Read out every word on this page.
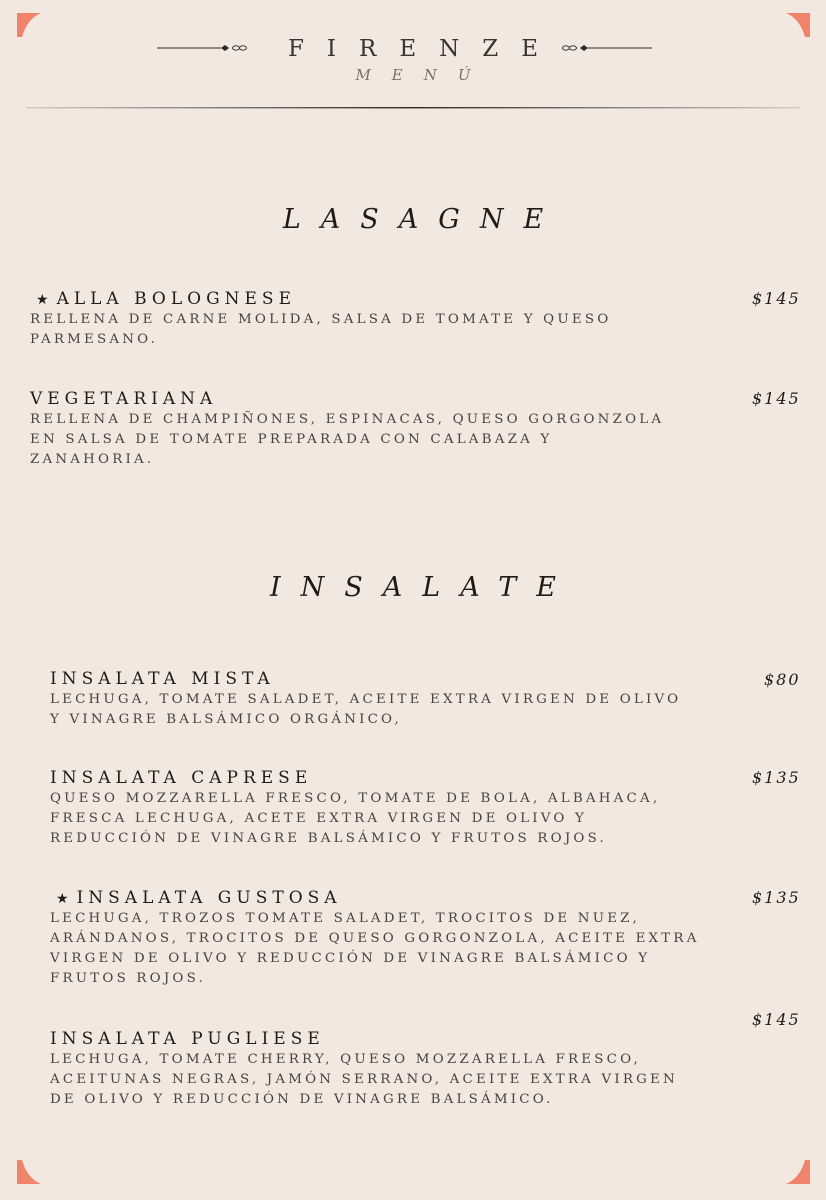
FIRENZE
MENÚ
LASAGNE
★ ALLA BOLOGNESE
RELLENA DE CARNE MOLIDA, SALSA DE TOMATE Y QUESO
PARMESANO.
$145
VEGETARIANA
RELLENA DE CHAMPIÑONES, ESPINACAS, QUESO GORGONZOLA
EN SALSA DE TOMATE PREPARADA CON CALABAZA Y
ZANAHORIA.
$145
INSALATE
INSALATA MISTA
LECHUGA, TOMATE SALADET, ACEITE EXTRA VIRGEN DE OLIVO
Y VINAGRE BALSÁMICO ORGÁNICO,
$80
INSALATA CAPRESE
QUESO MOZZARELLA FRESCO, TOMATE DE BOLA, ALBAHACA,
FRESCA LECHUGA, ACETE EXTRA VIRGEN DE OLIVO Y
REDUCCIÓN DE VINAGRE BALSÁMICO Y FRUTOS ROJOS.
$135
★ INSALATA GUSTOSA
LECHUGA, TROZOS TOMATE SALADET, TROCITOS DE NUEZ,
ARÁNDANOS, TROCITOS DE QUESO GORGONZOLA, ACEITE EXTRA
VIRGEN DE OLIVO Y REDUCCIÓN DE VINAGRE BALSÁMICO Y
FRUTOS ROJOS.
$135
INSALATA PUGLIESE
LECHUGA, TOMATE CHERRY, QUESO MOZZARELLA FRESCO,
ACEITUNAS NEGRAS, JAMÓN SERRANO, ACEITE EXTRA VIRGEN
DE OLIVO Y REDUCCIÓN DE VINAGRE BALSÁMICO.
$145
